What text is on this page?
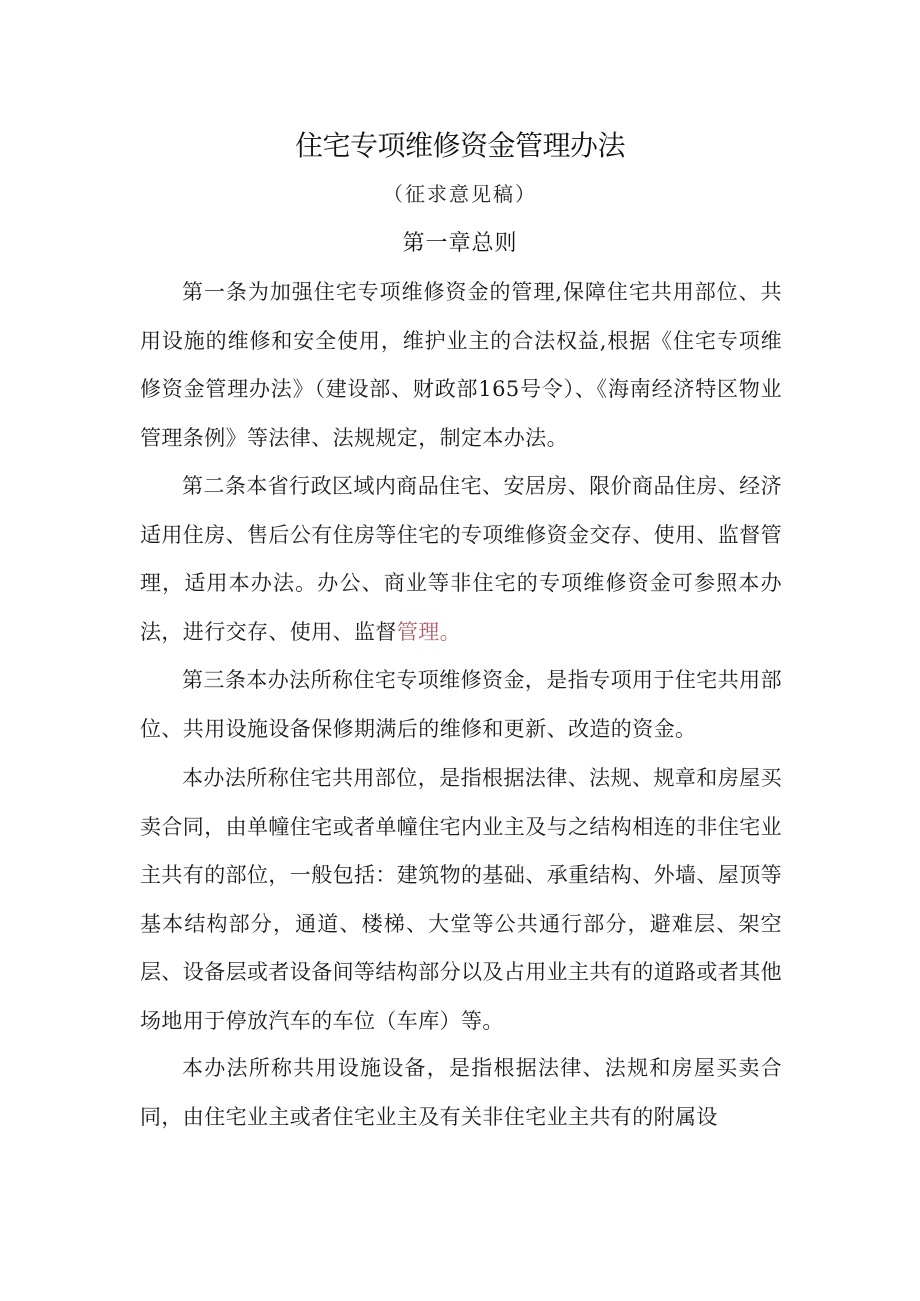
住宅专项维修资金管理办法
（征求意见稿）
第一章总则
第一条为加强住宅专项维修资金的管理,保障住宅共用部位、共用设施的维修和安全使用，维护业主的合法权益,根据《住宅专项维修资金管理办法》（建设部、财政部165号令）、《海南经济特区物业管理条例》等法律、法规规定，制定本办法。
第二条本省行政区域内商品住宅、安居房、限价商品住房、经济适用住房、售后公有住房等住宅的专项维修资金交存、使用、监督管理，适用本办法。办公、商业等非住宅的专项维修资金可参照本办法，进行交存、使用、监督管理。
第三条本办法所称住宅专项维修资金，是指专项用于住宅共用部位、共用设施设备保修期满后的维修和更新、改造的资金。
本办法所称住宅共用部位，是指根据法律、法规、规章和房屋买卖合同，由单幢住宅或者单幢住宅内业主及与之结构相连的非住宅业主共有的部位，一般包括：建筑物的基础、承重结构、外墙、屋顶等基本结构部分，通道、楼梯、大堂等公共通行部分，避难层、架空层、设备层或者设备间等结构部分以及占用业主共有的道路或者其他场地用于停放汽车的车位（车库）等。
本办法所称共用设施设备，是指根据法律、法规和房屋买卖合同，由住宅业主或者住宅业主及有关非住宅业主共有的附属设
